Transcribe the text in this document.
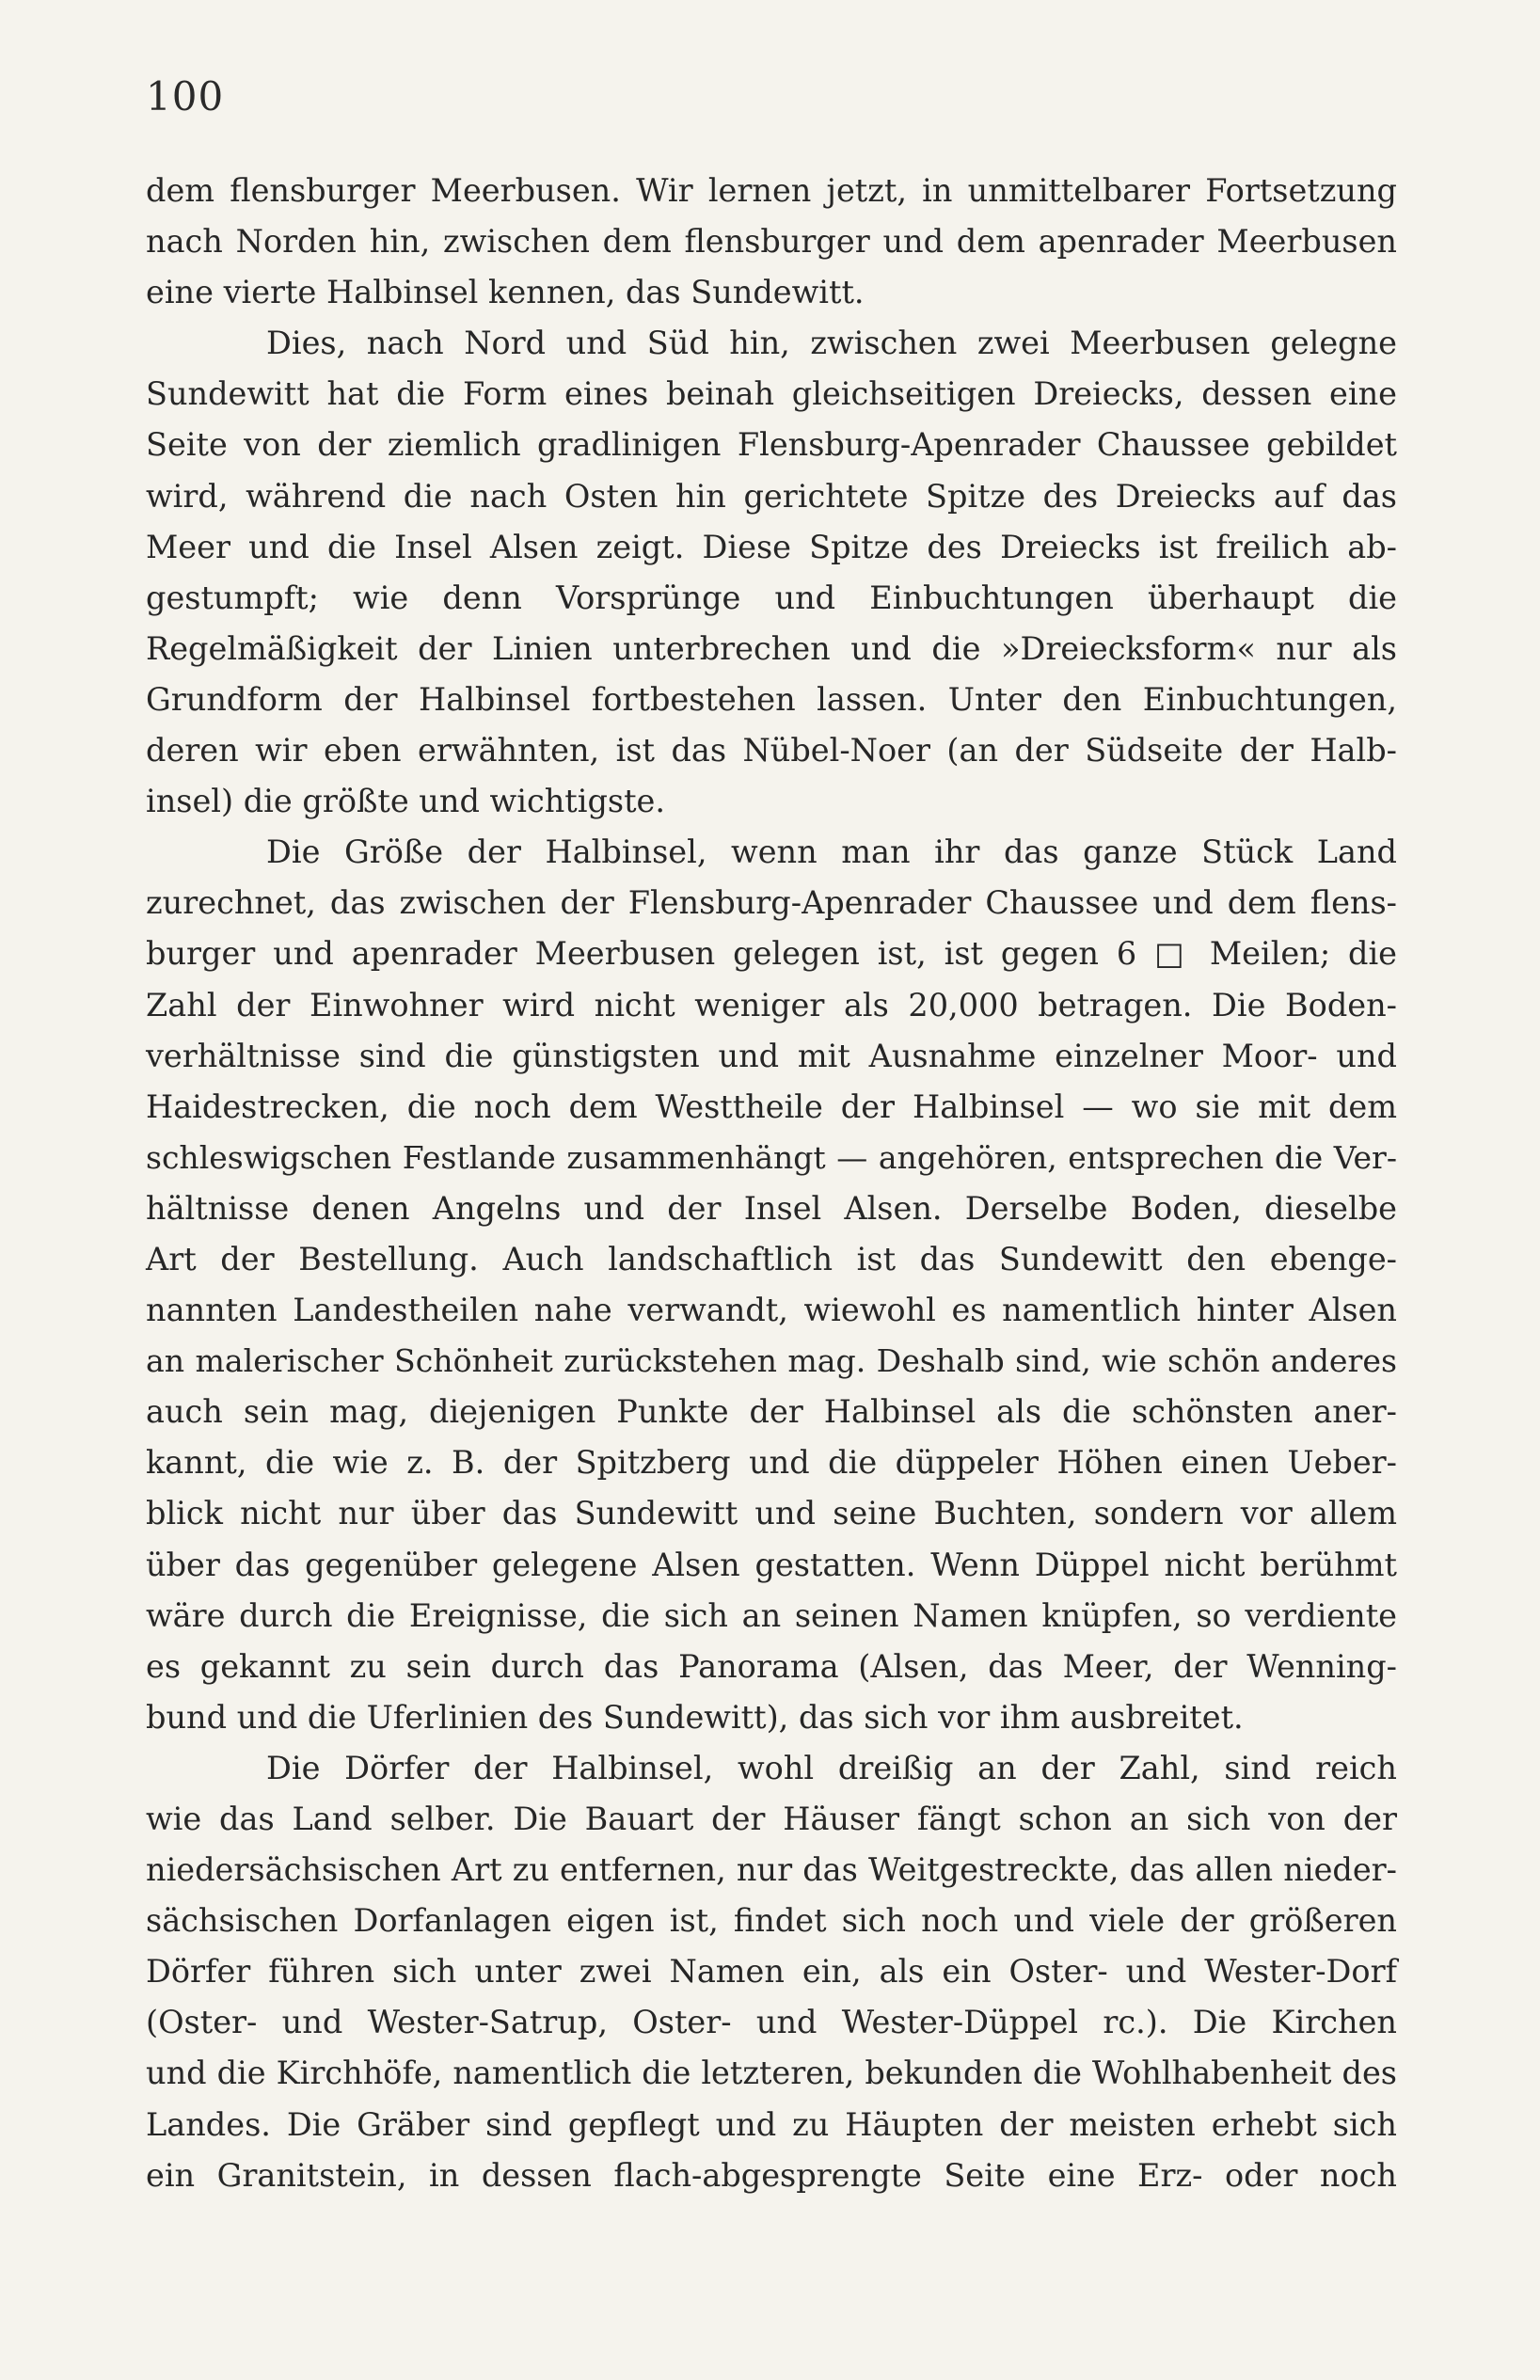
100
dem flensburger Meerbusen. Wir lernen jetzt, in unmittelbarer Fortsetzung
nach Norden hin, zwischen dem flensburger und dem apenrader Meerbusen
eine vierte Halbinsel kennen, das Sundewitt.
Dies, nach Nord und Süd hin, zwischen zwei Meerbusen gelegne
Sundewitt hat die Form eines beinah gleichseitigen Dreiecks, dessen eine
Seite von der ziemlich gradlinigen Flensburg-Apenrader Chaussee gebildet
wird, während die nach Osten hin gerichtete Spitze des Dreiecks auf das
Meer und die Insel Alsen zeigt. Diese Spitze des Dreiecks ist freilich ab-
gestumpft; wie denn Vorsprünge und Einbuchtungen überhaupt die
Regelmäßigkeit der Linien unterbrechen und die »Dreiecksform« nur als
Grundform der Halbinsel fortbestehen lassen. Unter den Einbuchtungen,
deren wir eben erwähnten, ist das Nübel-Noer (an der Südseite der Halb-
insel) die größte und wichtigste.
Die Größe der Halbinsel, wenn man ihr das ganze Stück Land
zurechnet, das zwischen der Flensburg-Apenrader Chaussee und dem flens-
burger und apenrader Meerbusen gelegen ist, ist gegen 6 □ Meilen; die
Zahl der Einwohner wird nicht weniger als 20,000 betragen. Die Boden-
verhältnisse sind die günstigsten und mit Ausnahme einzelner Moor- und
Haidestrecken, die noch dem Westtheile der Halbinsel — wo sie mit dem
schleswigschen Festlande zusammenhängt — angehören, entsprechen die Ver-
hältnisse denen Angelns und der Insel Alsen. Derselbe Boden, dieselbe
Art der Bestellung. Auch landschaftlich ist das Sundewitt den ebenge-
nannten Landestheilen nahe verwandt, wiewohl es namentlich hinter Alsen
an malerischer Schönheit zurückstehen mag. Deshalb sind, wie schön anderes
auch sein mag, diejenigen Punkte der Halbinsel als die schönsten aner-
kannt, die wie z. B. der Spitzberg und die düppeler Höhen einen Ueber-
blick nicht nur über das Sundewitt und seine Buchten, sondern vor allem
über das gegenüber gelegene Alsen gestatten. Wenn Düppel nicht berühmt
wäre durch die Ereignisse, die sich an seinen Namen knüpfen, so verdiente
es gekannt zu sein durch das Panorama (Alsen, das Meer, der Wenning-
bund und die Uferlinien des Sundewitt), das sich vor ihm ausbreitet.
Die Dörfer der Halbinsel, wohl dreißig an der Zahl, sind reich
wie das Land selber. Die Bauart der Häuser fängt schon an sich von der
niedersächsischen Art zu entfernen, nur das Weitgestreckte, das allen nieder-
sächsischen Dorfanlagen eigen ist, findet sich noch und viele der größeren
Dörfer führen sich unter zwei Namen ein, als ein Oster- und Wester-Dorf
(Oster- und Wester-Satrup, Oster- und Wester-Düppel rc.). Die Kirchen
und die Kirchhöfe, namentlich die letzteren, bekunden die Wohlhabenheit des
Landes. Die Gräber sind gepflegt und zu Häupten der meisten erhebt sich
ein Granitstein, in dessen flach-abgesprengte Seite eine Erz- oder noch
